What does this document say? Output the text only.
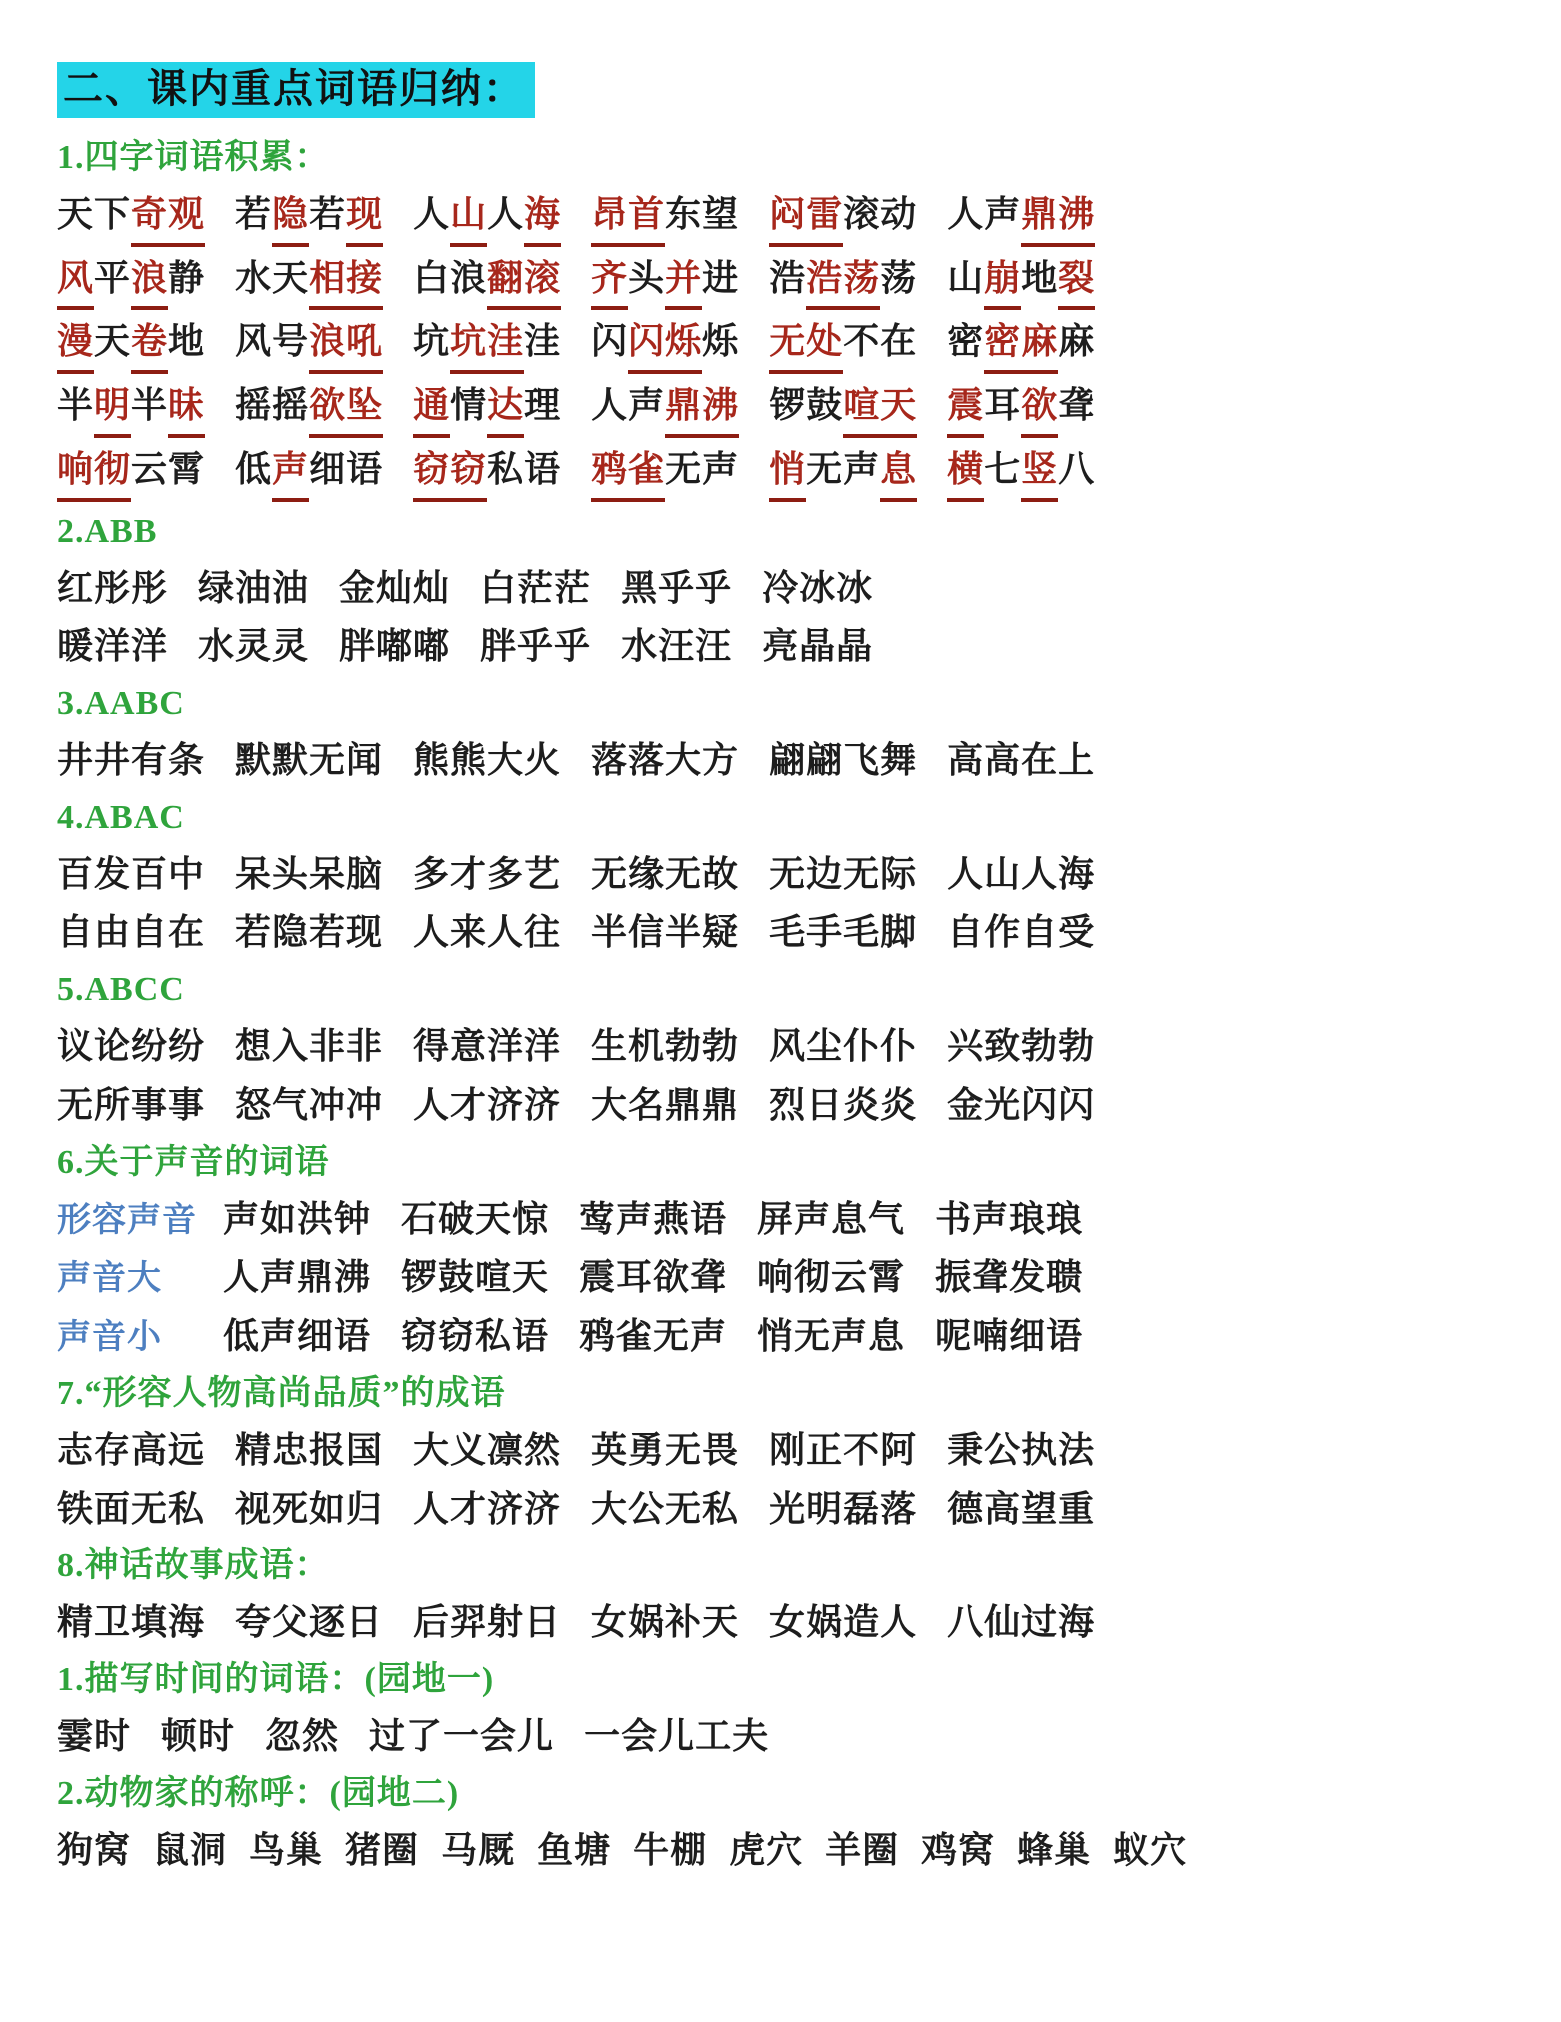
二、课内重点词语归纳：
1.四字词语积累：
天下奇观 若隐若现 人山人海 昂首东望 闷雷滚动 人声鼎沸
风平浪静 水天相接 白浪翻滚 齐头并进 浩浩荡荡 山崩地裂
漫天卷地 风号浪吼 坑坑洼洼 闪闪烁烁 无处不在 密密麻麻
半明半昧 摇摇欲坠 通情达理 人声鼎沸 锣鼓喧天 震耳欲聋
响彻云霄 低声细语 窃窃私语 鸦雀无声 悄无声息 横七竖八
2.ABB
红彤彤 绿油油 金灿灿 白茫茫 黑乎乎 冷冰冰
暖洋洋 水灵灵 胖嘟嘟 胖乎乎 水汪汪 亮晶晶
3.AABC
井井有条 默默无闻 熊熊大火 落落大方 翩翩飞舞 高高在上
4.ABAC
百发百中 呆头呆脑 多才多艺 无缘无故 无边无际 人山人海
自由自在 若隐若现 人来人往 半信半疑 毛手毛脚 自作自受
5.ABCC
议论纷纷 想入非非 得意洋洋 生机勃勃 风尘仆仆 兴致勃勃
无所事事 怒气冲冲 人才济济 大名鼎鼎 烈日炎炎 金光闪闪
6.关于声音的词语
形容声音 声如洪钟 石破天惊 莺声燕语 屏声息气 书声琅琅
声音大 人声鼎沸 锣鼓喧天 震耳欲聋 响彻云霄 振聋发聩
声音小 低声细语 窃窃私语 鸦雀无声 悄无声息 呢喃细语
7.“形容人物高尚品质”的成语
志存高远 精忠报国 大义凛然 英勇无畏 刚正不阿 秉公执法
铁面无私 视死如归 人才济济 大公无私 光明磊落 德高望重
8.神话故事成语：
精卫填海 夸父逐日 后羿射日 女娲补天 女娲造人 八仙过海
1.描写时间的词语：(园地一)
霎时 顿时 忽然 过了一会儿 一会儿工夫
2.动物家的称呼：(园地二)
狗窝 鼠洞 鸟巢 猪圈 马厩 鱼塘 牛棚 虎穴 羊圈 鸡窝 蜂巢 蚁穴
